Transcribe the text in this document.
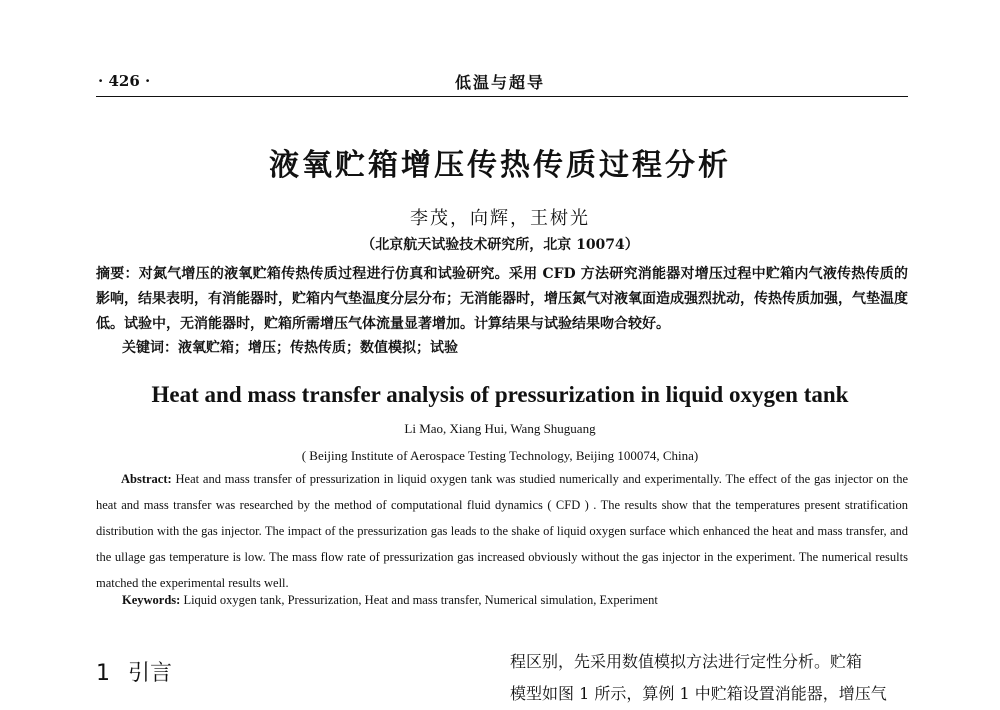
· 426 ·	低温与超导
液氧贮箱增压传热传质过程分析
李茂，向辉，王树光
（北京航天试验技术研究所，北京 10074）
摘要：对氮气增压的液氧贮箱传热传质过程进行仿真和试验研究。采用 CFD 方法研究消能器对增压过程中贮箱内气液传热传质的影响，结果表明，有消能器时，贮箱内气垫温度分层分布；无消能器时，增压氮气对液氧面造成强烈扰动，传热传质加强，气垫温度低。试验中，无消能器时，贮箱所需增压气体流量显著增加。计算结果与试验结果吻合较好。
关键词：液氧贮箱；增压；传热传质；数值模拟；试验
Heat and mass transfer analysis of pressurization in liquid oxygen tank
Li Mao, Xiang Hui, Wang Shuguang
( Beijing Institute of Aerospace Testing Technology, Beijing 100074, China)
Abstract: Heat and mass transfer of pressurization in liquid oxygen tank was studied numerically and experimentally. The effect of the gas injector on the heat and mass transfer was researched by the method of computational fluid dynamics ( CFD ) . The results show that the temperatures present stratification distribution with the gas injector. The impact of the pressurization gas leads to the shake of liquid oxygen surface which enhanced the heat and mass transfer, and the ullage gas temperature is low. The mass flow rate of pressurization gas increased obviously without the gas injector in the experiment. The numerical results matched the experimental results well.
Keywords: Liquid oxygen tank, Pressurization, Heat and mass transfer, Numerical simulation, Experiment
1 引言	程区别，先采用数值模拟方法进行定性分析。贮箱
模型如图 1 所示，算例 1 中贮箱设置消能器，增压气
